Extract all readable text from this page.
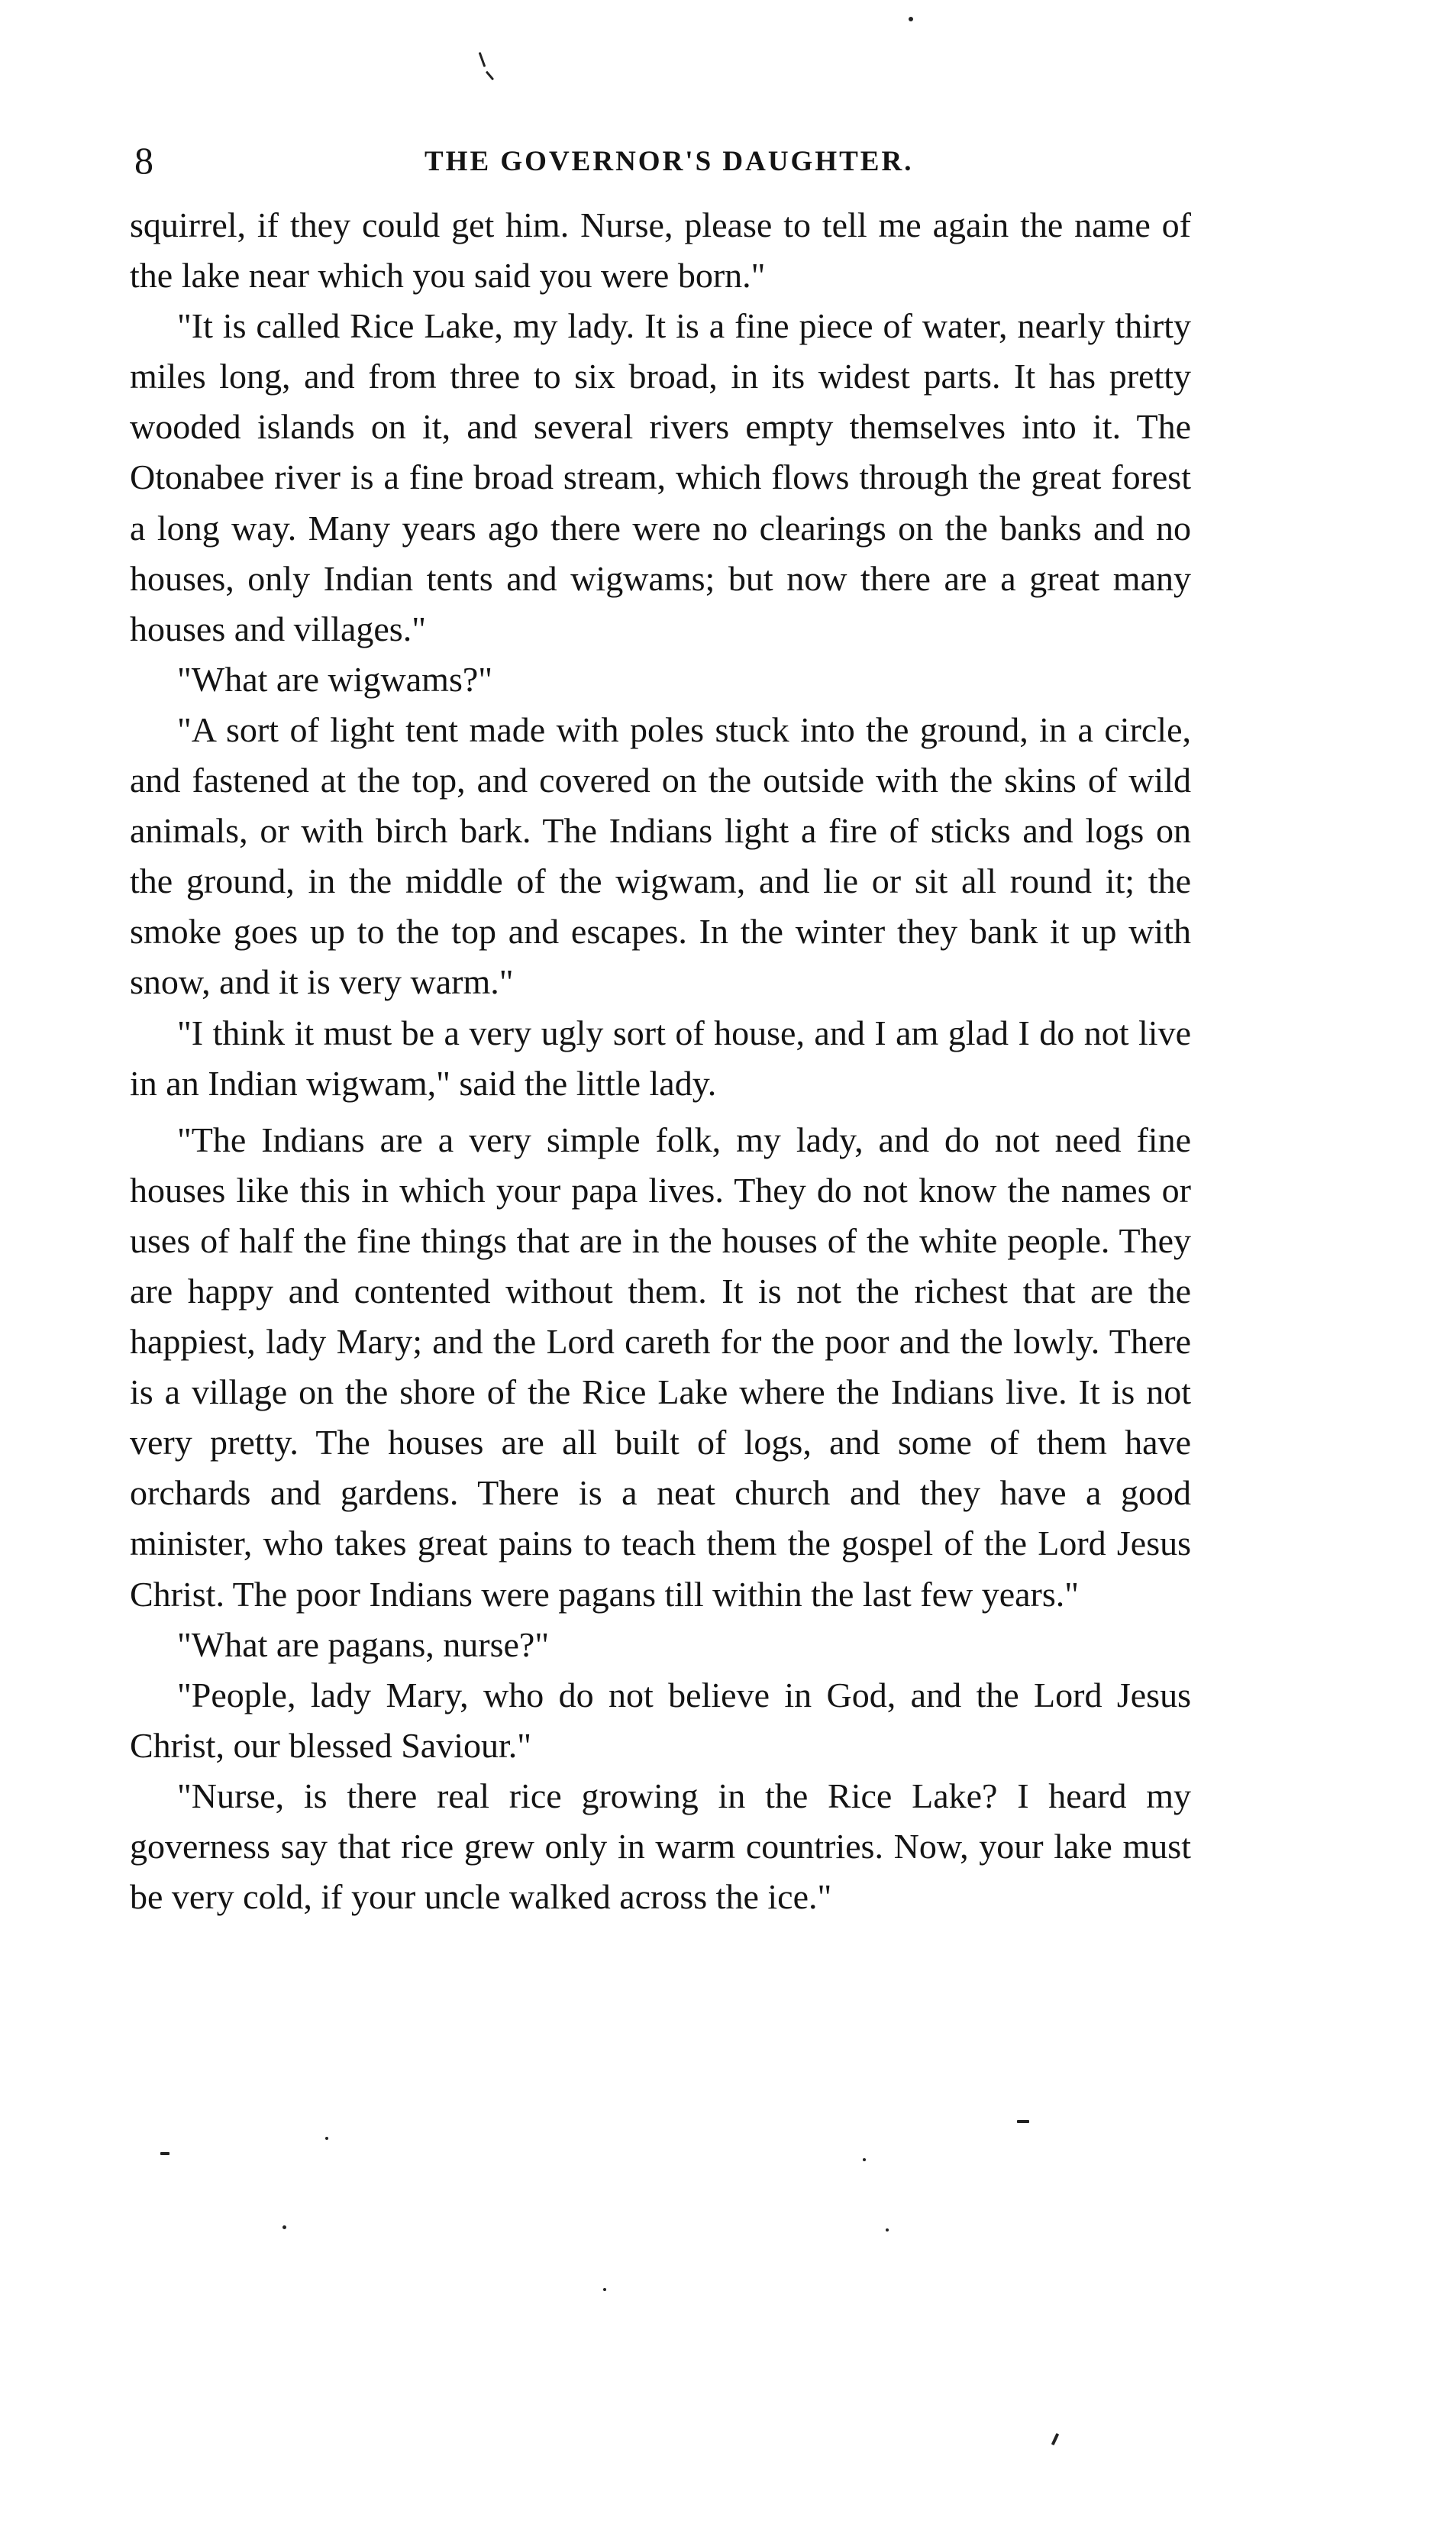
8	THE GOVERNOR'S DAUGHTER.

squirrel, if they could get him. Nurse, please to tell me again the name of the lake near which you said you were born."

"It is called Rice Lake, my lady. It is a fine piece of water, nearly thirty miles long, and from three to six broad, in its widest parts. It has pretty wooded islands on it, and several rivers empty themselves into it. The Otonabee river is a fine broad stream, which flows through the great forest a long way. Many years ago there were no clearings on the banks and no houses, only Indian tents and wigwams; but now there are a great many houses and villages."

"What are wigwams?"

"A sort of light tent made with poles stuck into the ground, in a circle, and fastened at the top, and covered on the outside with the skins of wild animals, or with birch bark. The Indians light a fire of sticks and logs on the ground, in the middle of the wigwam, and lie or sit all round it; the smoke goes up to the top and escapes. In the winter they bank it up with snow, and it is very warm."

"I think it must be a very ugly sort of house, and I am glad I do not live in an Indian wigwam," said the little lady.

"The Indians are a very simple folk, my lady, and do not need fine houses like this in which your papa lives. They do not know the names or uses of half the fine things that are in the houses of the white people. They are happy and contented without them. It is not the richest that are the happiest, lady Mary; and the Lord careth for the poor and the lowly. There is a village on the shore of the Rice Lake where the Indians live. It is not very pretty. The houses are all built of logs, and some of them have orchards and gardens. There is a neat church and they have a good minister, who takes great pains to teach them the gospel of the Lord Jesus Christ. The poor Indians were pagans till within the last few years."

"What are pagans, nurse?"

"People, lady Mary, who do not believe in God, and the Lord Jesus Christ, our blessed Saviour."

"Nurse, is there real rice growing in the Rice Lake? I heard my governess say that rice grew only in warm countries. Now, your lake must be very cold, if your uncle walked across the ice."
